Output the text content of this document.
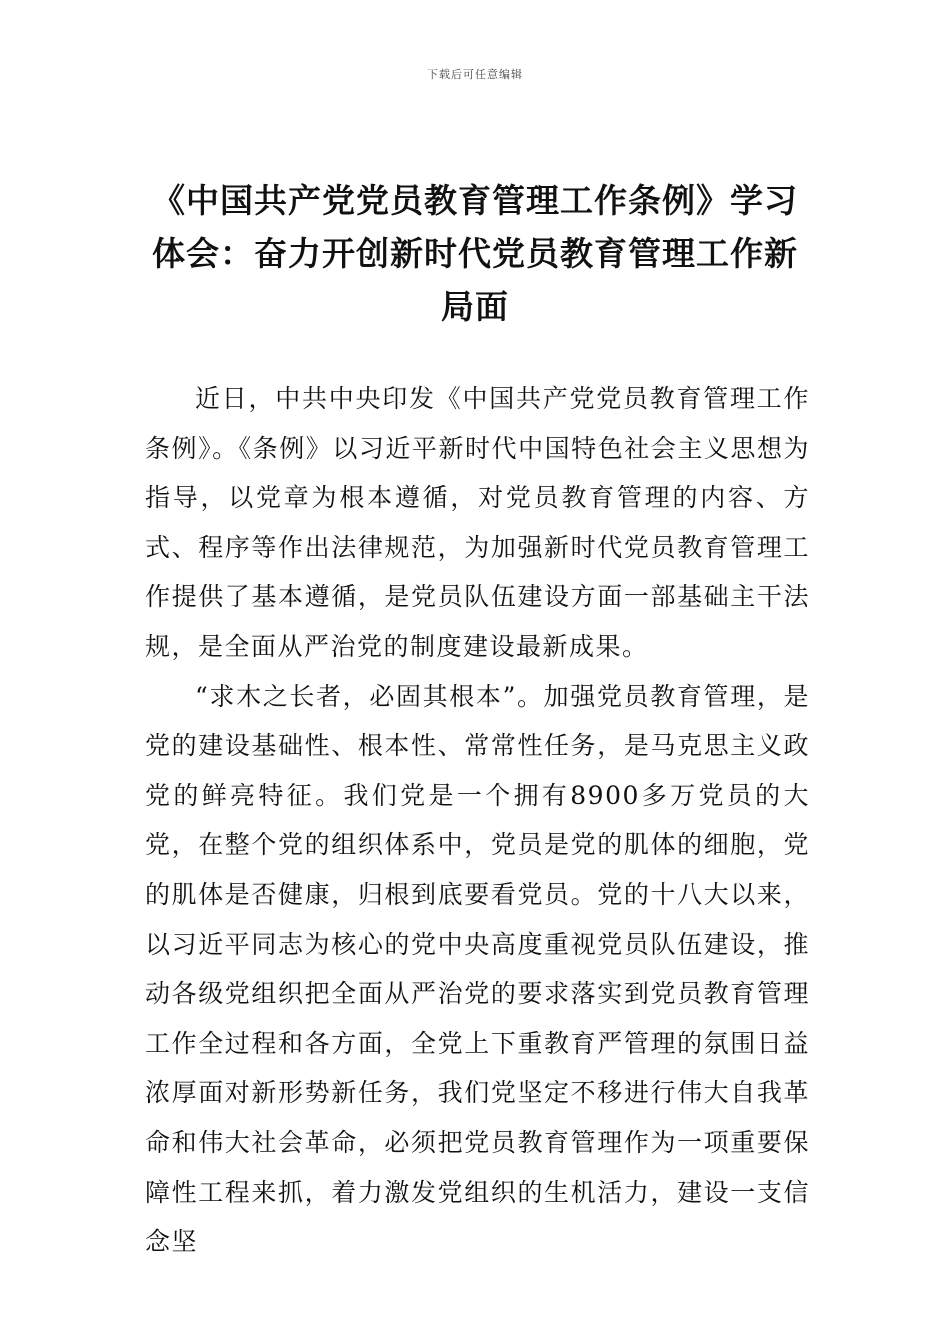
下载后可任意编辑
《中国共产党党员教育管理工作条例》学习体会：奋力开创新时代党员教育管理工作新局面

近日，中共中央印发《中国共产党党员教育管理工作条例》。《条例》以习近平新时代中国特色社会主义思想为指导，以党章为根本遵循，对党员教育管理的内容、方式、程序等作出法律规范，为加强新时代党员教育管理工作提供了基本遵循，是党员队伍建设方面一部基础主干法规，是全面从严治党的制度建设最新成果。

“求木之长者，必固其根本”。加强党员教育管理，是党的建设基础性、根本性、常常性任务，是马克思主义政党的鲜亮特征。我们党是一个拥有8900多万党员的大党，在整个党的组织体系中，党员是党的肌体的细胞，党的肌体是否健康，归根到底要看党员。党的十八大以来，以习近平同志为核心的党中央高度重视党员队伍建设，推动各级党组织把全面从严治党的要求落实到党员教育管理工作全过程和各方面，全党上下重教育严管理的氛围日益浓厚面对新形势新任务，我们党坚定不移进行伟大自我革命和伟大社会革命，必须把党员教育管理作为一项重要保障性工程来抓，着力激发党组织的生机活力，建设一支信念坚
